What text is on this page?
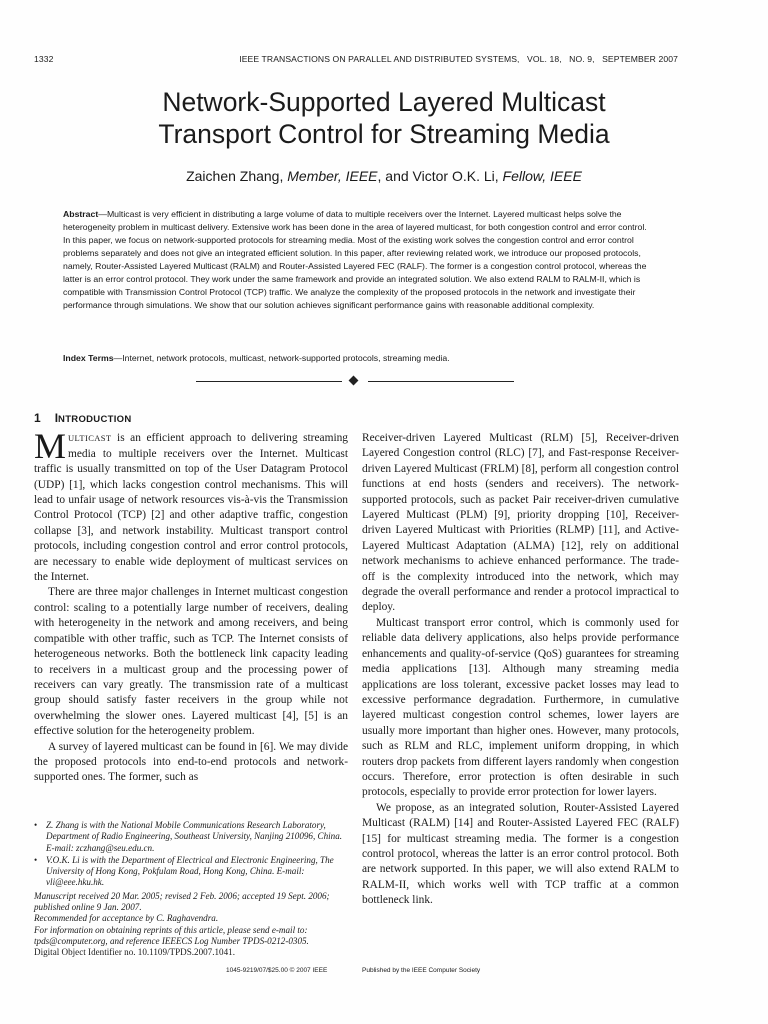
1332	IEEE TRANSACTIONS ON PARALLEL AND DISTRIBUTED SYSTEMS,   VOL. 18,   NO. 9,   SEPTEMBER 2007
Network-Supported Layered Multicast
Transport Control for Streaming Media
Zaichen Zhang, Member, IEEE, and Victor O.K. Li, Fellow, IEEE
Abstract—Multicast is very efficient in distributing a large volume of data to multiple receivers over the Internet. Layered multicast helps solve the heterogeneity problem in multicast delivery. Extensive work has been done in the area of layered multicast, for both congestion control and error control. In this paper, we focus on network-supported protocols for streaming media. Most of the existing work solves the congestion control and error control problems separately and does not give an integrated efficient solution. In this paper, after reviewing related work, we introduce our proposed protocols, namely, Router-Assisted Layered Multicast (RALM) and Router-Assisted Layered FEC (RALF). The former is a congestion control protocol, whereas the latter is an error control protocol. They work under the same framework and provide an integrated solution. We also extend RALM to RALM-II, which is compatible with Transmission Control Protocol (TCP) traffic. We analyze the complexity of the proposed protocols in the network and investigate their performance through simulations. We show that our solution achieves significant performance gains with reasonable additional complexity.
Index Terms—Internet, network protocols, multicast, network-supported protocols, streaming media.
1 INTRODUCTION

MULTICAST is an efficient approach to delivering streaming media to multiple receivers over the Internet. Multicast traffic is usually transmitted on top of the User Datagram Protocol (UDP) [1], which lacks congestion control mechanisms. This will lead to unfair usage of network resources vis-à-vis the Transmission Control Protocol (TCP) [2] and other adaptive traffic, congestion collapse [3], and network instability. Multicast transport control protocols, including congestion control and error control protocols, are necessary to enable wide deployment of multicast services on the Internet.

There are three major challenges in Internet multicast congestion control: scaling to a potentially large number of receivers, dealing with heterogeneity in the network and among receivers, and being compatible with other traffic, such as TCP. The Internet consists of heterogeneous networks. Both the bottleneck link capacity leading to receivers in a multicast group and the processing power of receivers can vary greatly. The transmission rate of a multicast group should satisfy faster receivers in the group while not overwhelming the slower ones. Layered multicast [4], [5] is an effective solution for the heterogeneity problem.

A survey of layered multicast can be found in [6]. We may divide the proposed protocols into end-to-end protocols and network-supported ones. The former, such as

• Z. Zhang is with the National Mobile Communications Research Laboratory, Department of Radio Engineering, Southeast University, Nanjing 210096, China. E-mail: zczhang@seu.edu.cn.
• V.O.K. Li is with the Department of Electrical and Electronic Engineering, The University of Hong Kong, Pokfulam Road, Hong Kong, China. E-mail: vli@eee.hku.hk.
Manuscript received 20 Mar. 2005; revised 2 Feb. 2006; accepted 19 Sept. 2006; published online 9 Jan. 2007.
Recommended for acceptance by C. Raghavendra.
For information on obtaining reprints of this article, please send e-mail to: tpds@computer.org, and reference IEEECS Log Number TPDS-0212-0305.
Digital Object Identifier no. 10.1109/TPDS.2007.1041.

Receiver-driven Layered Multicast (RLM) [5], Receiver-driven Layered Congestion control (RLC) [7], and Fast-response Receiver-driven Layered Multicast (FRLM) [8], perform all congestion control functions at end hosts (senders and receivers). The network-supported protocols, such as packet Pair receiver-driven cumulative Layered Multicast (PLM) [9], priority dropping [10], Receiver-driven Layered Multicast with Priorities (RLMP) [11], and Active-Layered Multicast Adaptation (ALMA) [12], rely on additional network mechanisms to achieve enhanced performance. The trade-off is the complexity introduced into the network, which may degrade the overall performance and render a protocol impractical to deploy.

Multicast transport error control, which is commonly used for reliable data delivery applications, also helps provide performance enhancements and quality-of-service (QoS) guarantees for streaming media applications [13]. Although many streaming media applications are loss tolerant, excessive packet losses may lead to excessive performance degradation. Furthermore, in cumulative layered multicast congestion control schemes, lower layers are usually more important than higher ones. However, many protocols, such as RLM and RLC, implement uniform dropping, in which routers drop packets from different layers randomly when congestion occurs. Therefore, error protection is often desirable in such protocols, especially to provide error protection for lower layers.

We propose, as an integrated solution, Router-Assisted Layered Multicast (RALM) [14] and Router-Assisted Layered FEC (RALF) [15] for multicast streaming media. The former is a congestion control protocol, whereas the latter is an error control protocol. Both are network supported. In this paper, we will also extend RALM to RALM-II, which works well with TCP traffic at a common bottleneck link.

1045-9219/07/$25.00 © 2007 IEEE	Published by the IEEE Computer Society
